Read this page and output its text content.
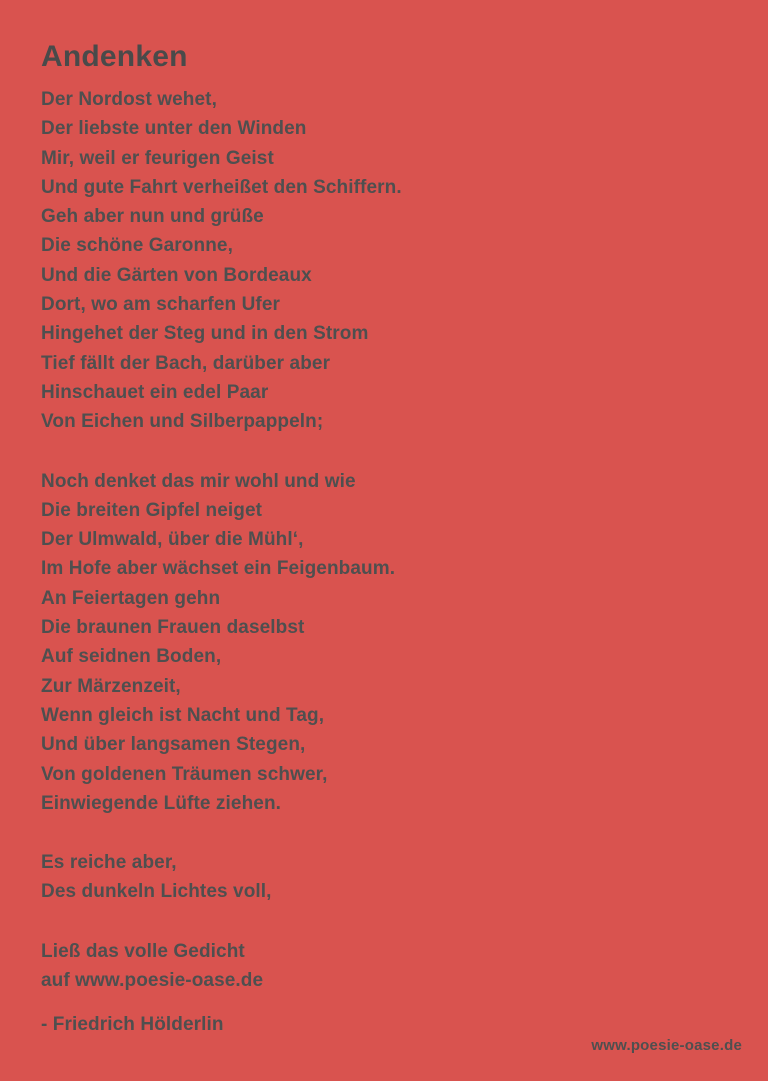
Andenken
Der Nordost wehet,
Der liebste unter den Winden
Mir, weil er feurigen Geist
Und gute Fahrt verheißet den Schiffern.
Geh aber nun und grüße
Die schöne Garonne,
Und die Gärten von Bordeaux
Dort, wo am scharfen Ufer
Hingehet der Steg und in den Strom
Tief fällt der Bach, darüber aber
Hinschauet ein edel Paar
Von Eichen und Silberpappeln;
Noch denket das mir wohl und wie
Die breiten Gipfel neiget
Der Ulmwald, über die Mühl‘,
Im Hofe aber wächset ein Feigenbaum.
An Feiertagen gehn
Die braunen Frauen daselbst
Auf seidnen Boden,
Zur Märzenzeit,
Wenn gleich ist Nacht und Tag,
Und über langsamen Stegen,
Von goldenen Träumen schwer,
Einwiegende Lüfte ziehen.
Es reiche aber,
Des dunkeln Lichtes voll,
Ließ das volle Gedicht
auf www.poesie-oase.de
- Friedrich Hölderlin
www.poesie-oase.de
